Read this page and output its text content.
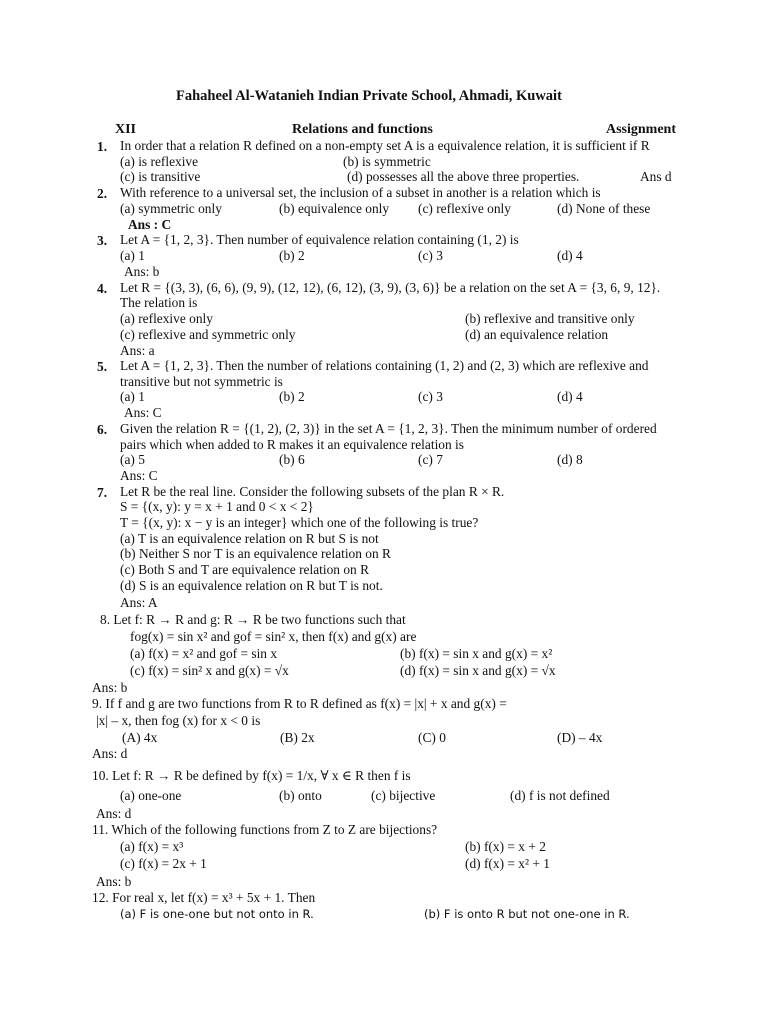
Fahaheel Al-Watanieh Indian Private School, Ahmadi, Kuwait
XII	Relations and functions	Assignment
1. In order that a relation R defined on a non-empty set A is a equivalence relation, it is sufficient if R
(a) is reflexive	(b) is symmetric
(c) is transitive	(d) possesses all the above three properties.	Ans d
2. With reference to a universal set, the inclusion of a subset in another is a relation which is
(a) symmetric only	(b) equivalence only (c) reflexive only	(d) None of these
Ans : C
3. Let A = {1, 2, 3}. Then number of equivalence relation containing (1, 2) is
(a) 1	(b) 2	(c) 3	(d) 4
Ans: b
4. Let R = {(3, 3), (6, 6), (9, 9), (12, 12), (6, 12), (3, 9), (3, 6)} be a relation on the set A = {3, 6, 9, 12}.
The relation is
(a) reflexive only	(b) reflexive and transitive only
(c) reflexive and symmetric only	(d) an equivalence relation
Ans: a
5. Let A = {1, 2, 3}. Then the number of relations containing (1, 2) and (2, 3) which are reflexive and
transitive but not symmetric is
(a) 1	(b) 2	(c) 3	(d) 4
Ans: C
6. Given the relation R = {(1, 2), (2, 3)} in the set A = {1, 2, 3}. Then the minimum number of ordered
pairs which when added to R makes it an equivalence relation is
(a) 5	(b) 6	(c) 7	(d) 8
Ans: C
7. Let R be the real line. Consider the following subsets of the plan R × R.
S = {(x, y): y = x + 1 and 0 < x < 2}
T = {(x, y): x − y is an integer} which one of the following is true?
(a) T is an equivalence relation on R but S is not
(b) Neither S nor T is an equivalence relation on R
(c) Both S and T are equivalence relation on R
(d) S is an equivalence relation on R but T is not.
Ans: A
8. Let f: R → R and g: R → R be two functions such that
fog(x) = sin x² and gof = sin² x, then f(x) and g(x) are
(a) f(x) = x² and gof = sin x	(b) f(x) = sin x and g(x) = x²
(c) f(x) = sin² x and g(x) = √x	(d) f(x) = sin x and g(x) = √x
Ans: b
9. If f and g are two functions from R to R defined as f(x) = |x| + x and g(x) =
|x| – x, then fog (x) for x < 0 is
(A) 4x	(B) 2x	(C) 0	(D) – 4x
Ans: d
10. Let f: R → R be defined by f(x) = 1/x, ∀ x ∈ R then f is
(a) one-one	(b) onto	(c) bijective	(d) f is not defined
Ans: d
11. Which of the following functions from Z to Z are bijections?
(a) f(x) = x³	(b) f(x) = x + 2
(c) f(x) = 2x + 1	(d) f(x) = x² + 1
Ans: b
12. For real x, let f(x) = x³ + 5x + 1. Then
(a) F is one-one but not onto in R.	(b) F is onto R but not one-one in R.
